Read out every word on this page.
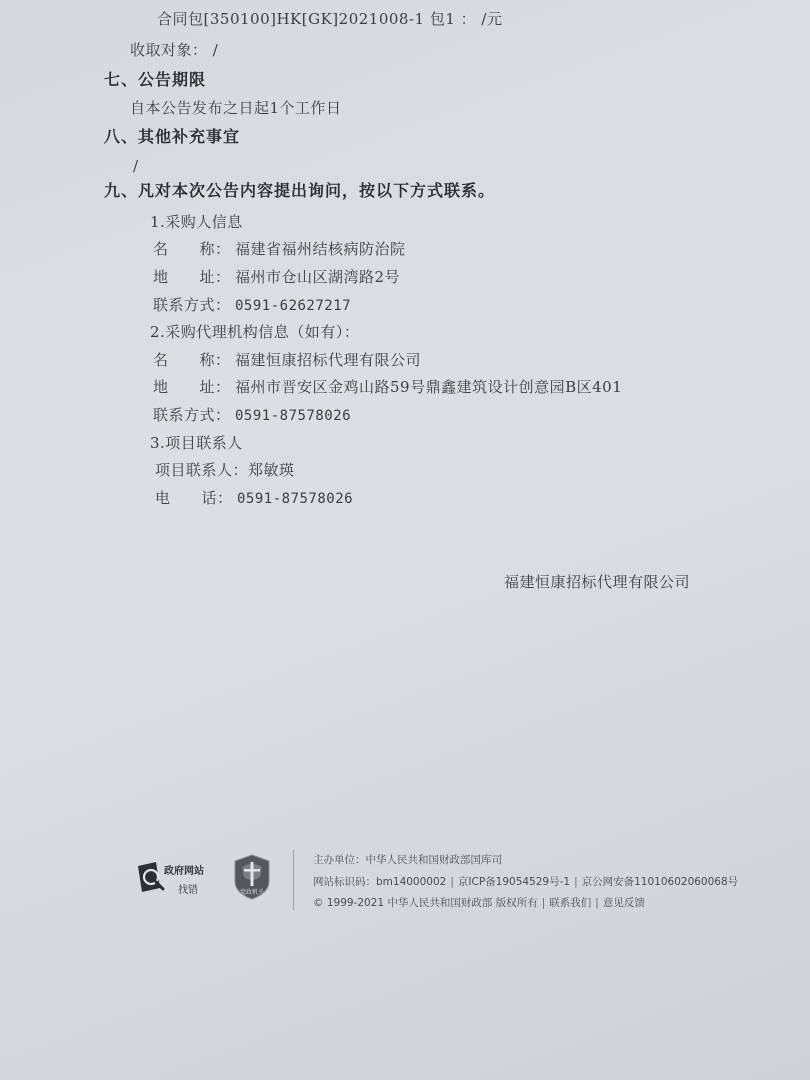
合同包[350100]HK[GK]2021008-1 包1 ： /元
收取对象： /
七、公告期限
自本公告发布之日起1个工作日
八、其他补充事宜
/
九、凡对本次公告内容提出询问，按以下方式联系。
1.采购人信息
名　　称： 福建省福州结核病防治院
地　　址： 福州市仓山区湖湾路2号
联系方式： 0591-62627217
2.采购代理机构信息（如有）：
名　　称： 福建恒康招标代理有限公司
地　　址： 福州市晋安区金鸡山路59号鼎鑫建筑设计创意园B区401
联系方式： 0591-87578026
3.项目联系人
项目联系人：郑敏瑛
电　　话： 0591-87578026
福建恒康招标代理有限公司
政府网站
找错	党政机关
主办单位：中华人民共和国财政部国库司
网站标识码：bm14000002 | 京ICP备19054529号-1 | 京公网安备11010602060068号
© 1999-2021 中华人民共和国财政部 版权所有 | 联系我们 | 意见反馈
